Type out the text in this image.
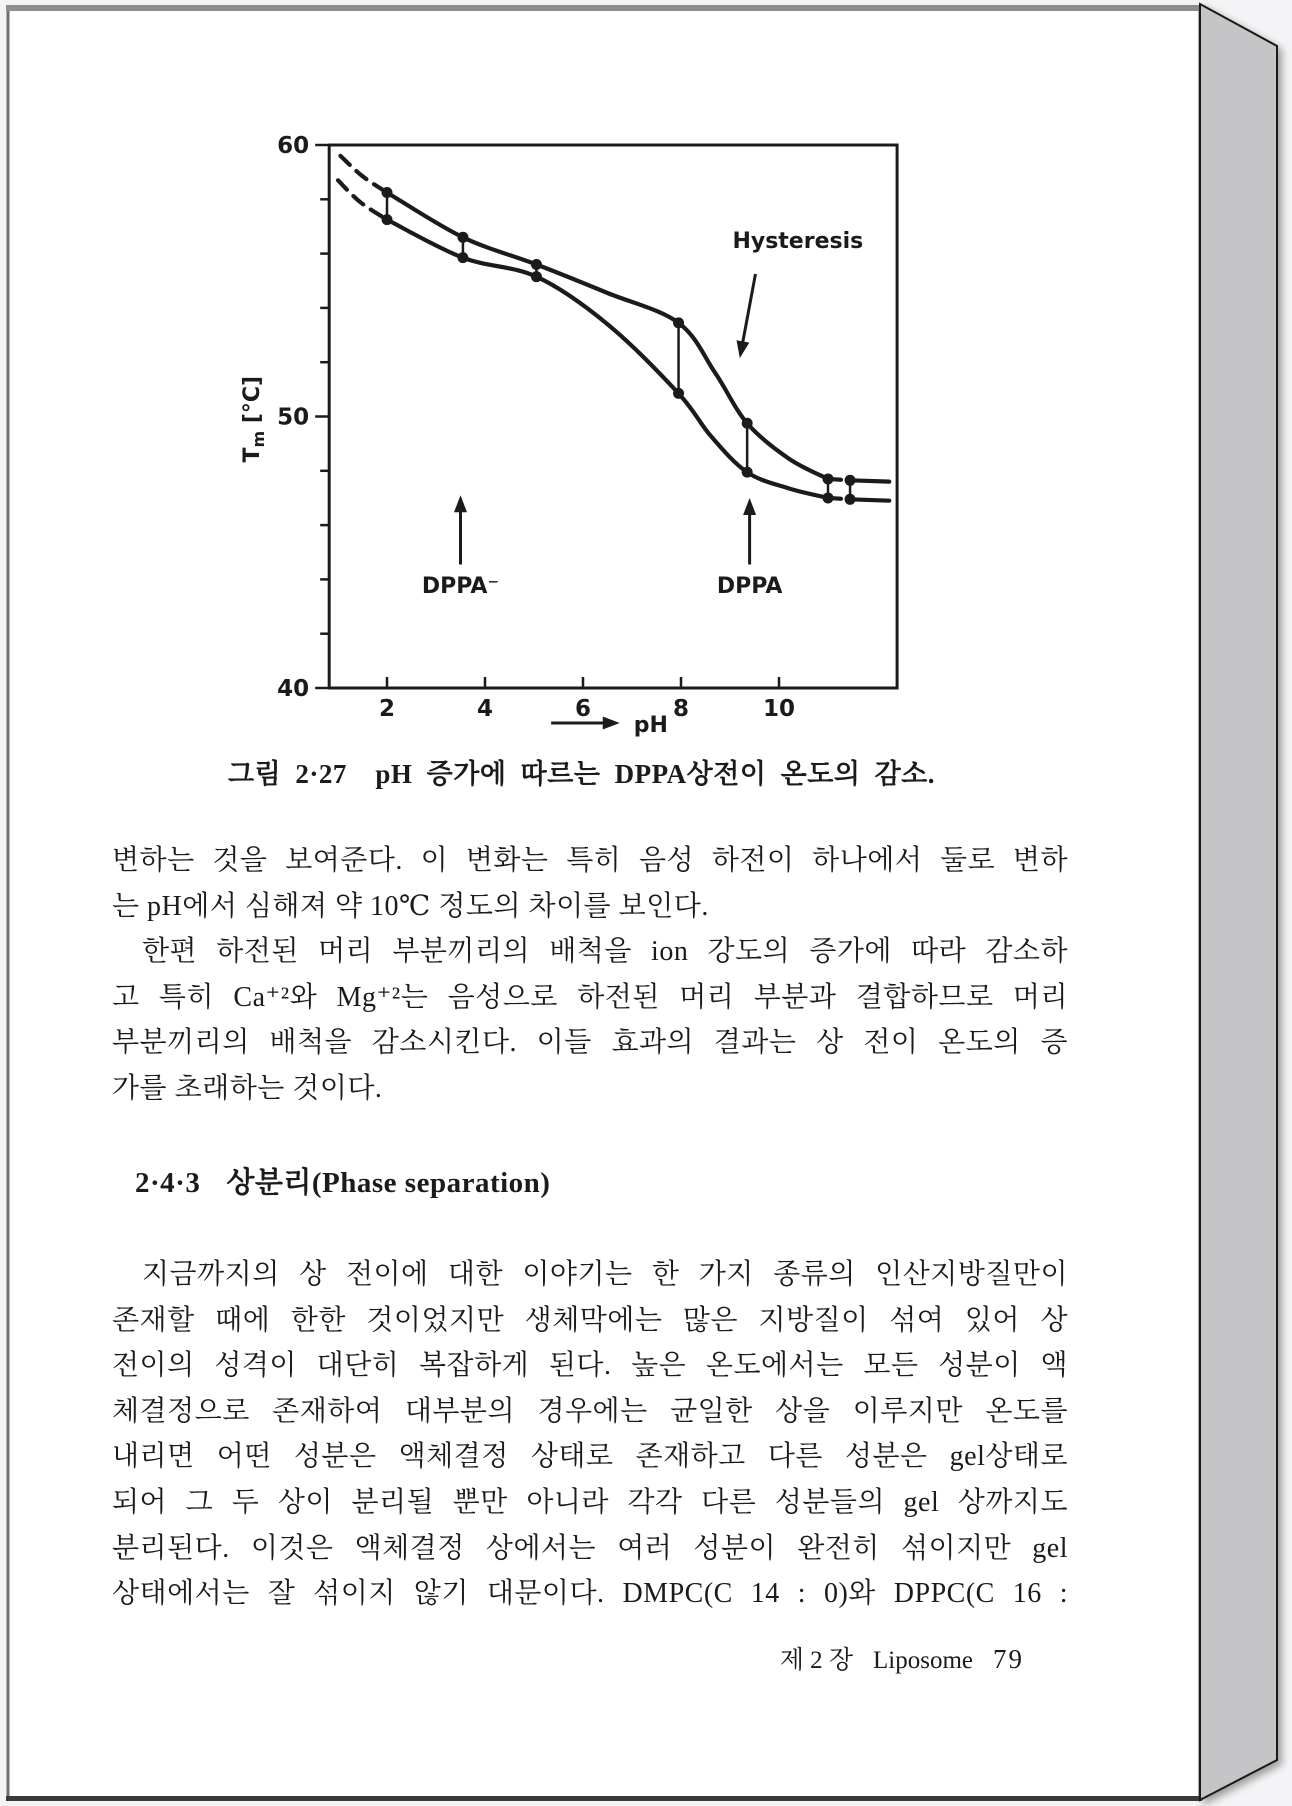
2	4	6	8	10
40
50
60
Hysteresis
DPPA⁻	DPPA
pH
$T_m$ [°C]
그림 2·27  pH 증가에 따르는 DPPA상전이 온도의 감소.
변하는 것을 보여준다. 이 변화는 특히 음성 하전이 하나에서 둘로 변하
는 pH에서 심해져 약 10℃ 정도의 차이를 보인다.
한편 하전된 머리 부분끼리의 배척을 ion 강도의 증가에 따라 감소하
고 특히 Ca⁺²와 Mg⁺²는 음성으로 하전된 머리 부분과 결합하므로 머리
부분끼리의 배척을 감소시킨다. 이들 효과의 결과는 상 전이 온도의 증
가를 초래하는 것이다.
2·4·3 상분리(Phase separation)
지금까지의 상 전이에 대한 이야기는 한 가지 종류의 인산지방질만이
존재할 때에 한한 것이었지만 생체막에는 많은 지방질이 섞여 있어 상
전이의 성격이 대단히 복잡하게 된다. 높은 온도에서는 모든 성분이 액
체결정으로 존재하여 대부분의 경우에는 균일한 상을 이루지만 온도를
내리면 어떤 성분은 액체결정 상태로 존재하고 다른 성분은 gel상태로
되어 그 두 상이 분리될 뿐만 아니라 각각 다른 성분들의 gel 상까지도
분리된다. 이것은 액체결정 상에서는 여러 성분이 완전히 섞이지만 gel
상태에서는 잘 섞이지 않기 대문이다. DMPC(C 14 : 0)와 DPPC(C 16 :
제 2 장 Liposome 79
